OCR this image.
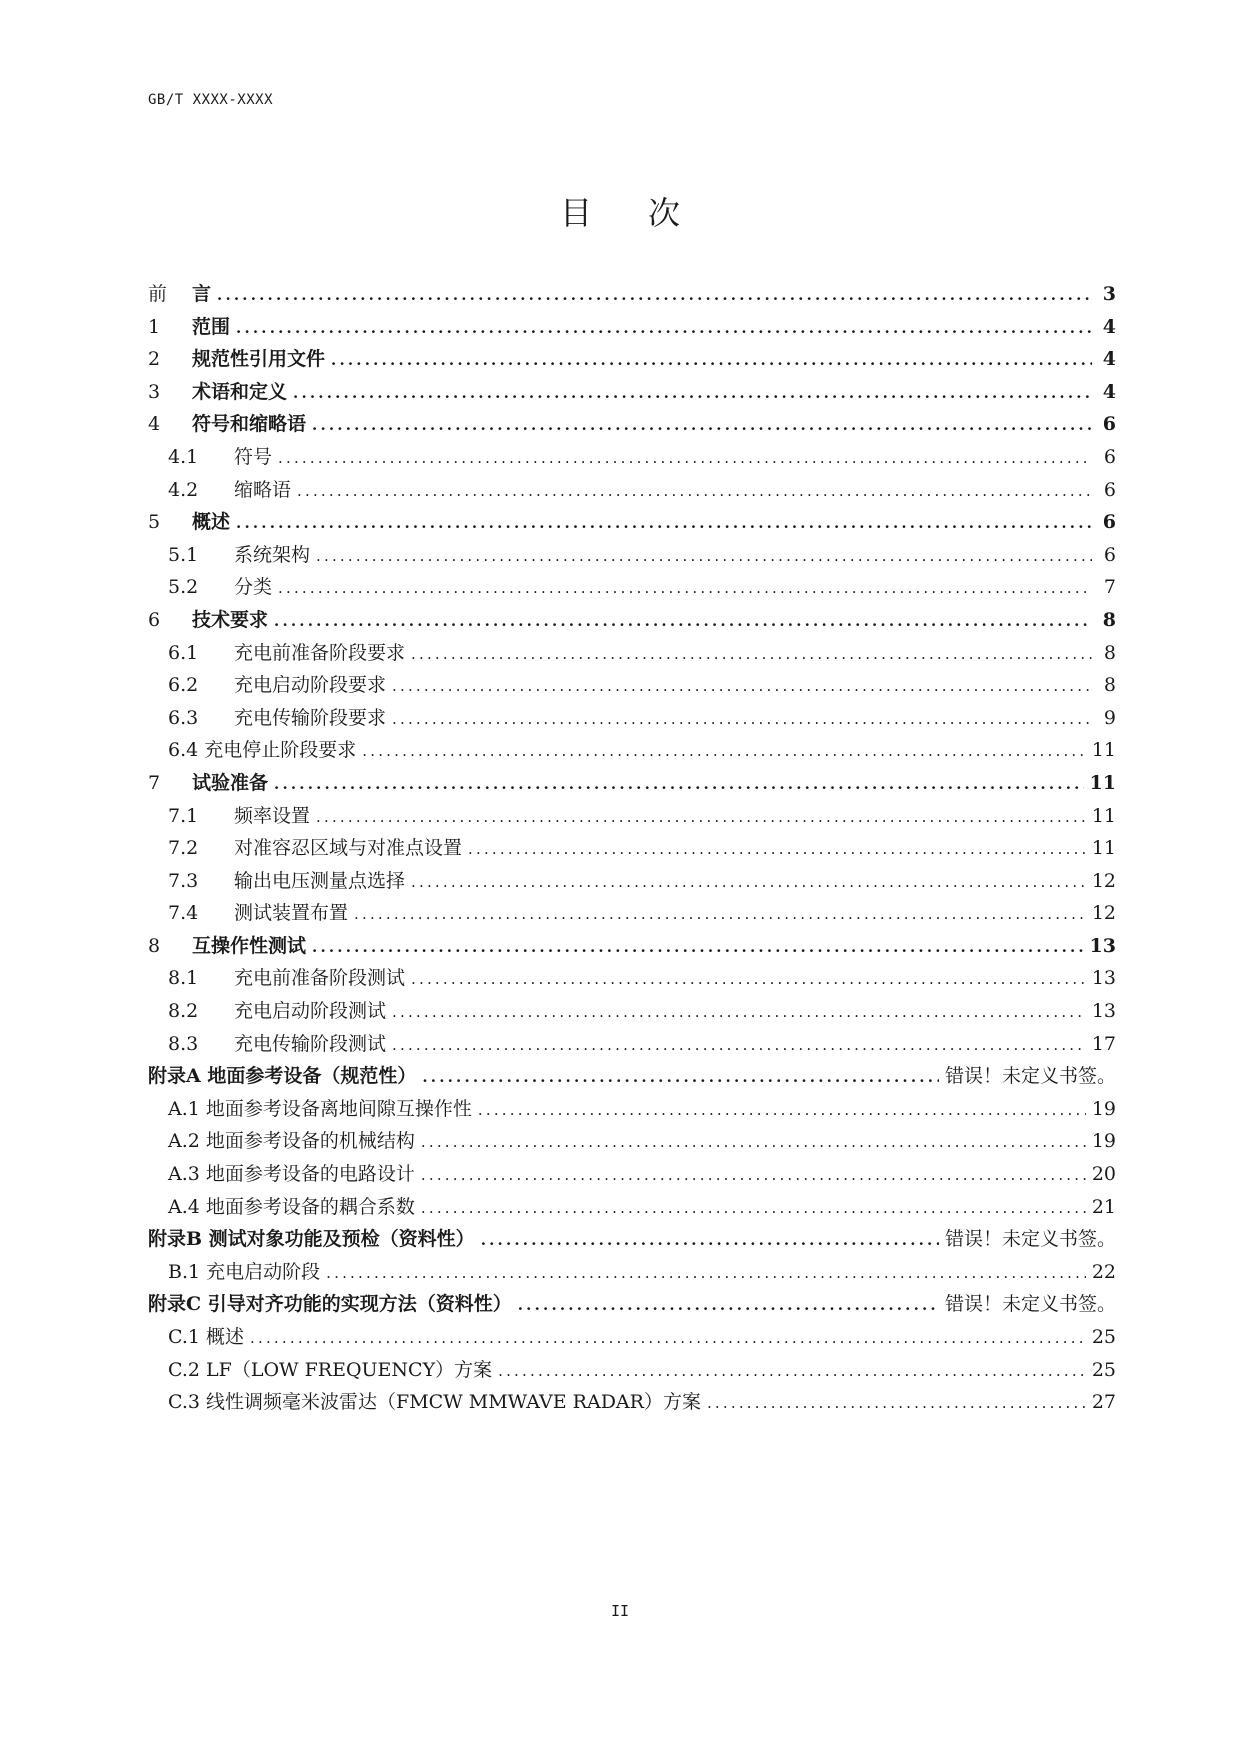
GB/T XXXX-XXXX
目次
前	言 .....	3
1	范围 .....	4
2	规范性引用文件 .....	4
3	术语和定义 .....	4
4	符号和缩略语 .....	6
4.1	符号 .....	6
4.2	缩略语 .....	6
5	概述 .....	6
5.1	系统架构 .....	6
5.2	分类 .....	7
6	技术要求 .....	8
6.1	充电前准备阶段要求 .....	8
6.2	充电启动阶段要求 .....	8
6.3	充电传输阶段要求 .....	9
6.4 充电停止阶段要求 .....	11
7	试验准备 .....	11
7.1	频率设置 .....	11
7.2	对准容忍区域与对准点设置 .....	11
7.3	输出电压测量点选择 .....	12
7.4	测试装置布置 .....	12
8	互操作性测试 .....	13
8.1	充电前准备阶段测试 .....	13
8.2	充电启动阶段测试 .....	13
8.3	充电传输阶段测试 .....	17
附录A 地面参考设备（规范性） .....	错误！未定义书签。
A.1 地面参考设备离地间隙互操作性 .....	19
A.2 地面参考设备的机械结构 .....	19
A.3 地面参考设备的电路设计 .....	20
A.4 地面参考设备的耦合系数 .....	21
附录B 测试对象功能及预检（资料性） .....	错误！未定义书签。
B.1 充电启动阶段 .....	22
附录C 引导对齐功能的实现方法（资料性） .....	错误！未定义书签。
C.1 概述 .....	25
C.2 LF（LOW FREQUENCY）方案 .....	25
C.3 线性调频毫米波雷达（FMCW MMWAVE RADAR）方案 .....	27
II
